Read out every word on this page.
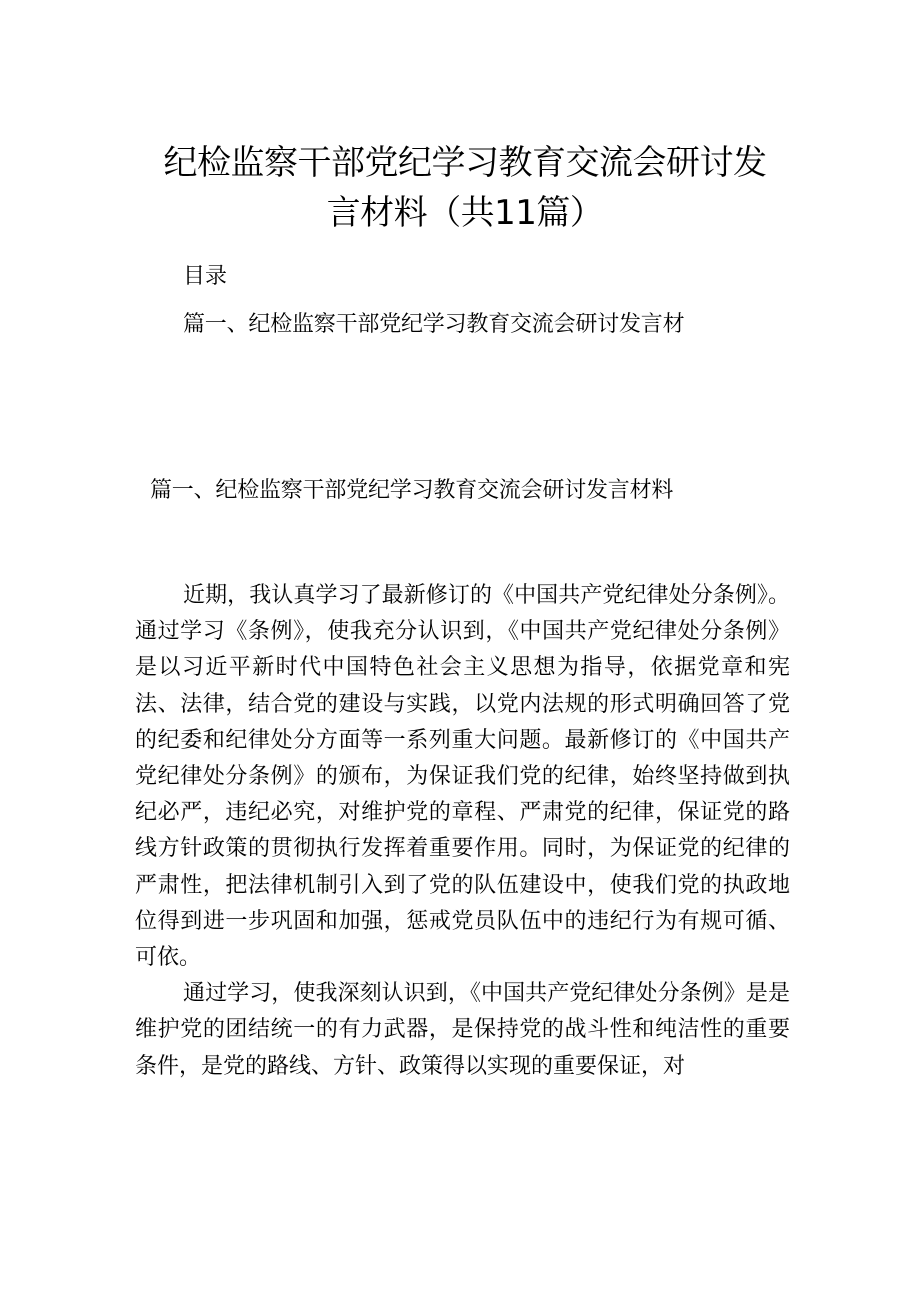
纪检监察干部党纪学习教育交流会研讨发
言材料（共11篇）
目录
篇一、纪检监察干部党纪学习教育交流会研讨发言材
篇一、纪检监察干部党纪学习教育交流会研讨发言材料

近期，我认真学习了最新修订的《中国共产党纪律处分条例》。通过学习《条例》，使我充分认识到，《中国共产党纪律处分条例》是以习近平新时代中国特色社会主义思想为指导，依据党章和宪法、法律，结合党的建设与实践，以党内法规的形式明确回答了党的纪委和纪律处分方面等一系列重大问题。最新修订的《中国共产党纪律处分条例》的颁布，为保证我们党的纪律，始终坚持做到执纪必严，违纪必究，对维护党的章程、严肃党的纪律，保证党的路线方针政策的贯彻执行发挥着重要作用。同时，为保证党的纪律的严肃性，把法律机制引入到了党的队伍建设中，使我们党的执政地位得到进一步巩固和加强，惩戒党员队伍中的违纪行为有规可循、可依。

通过学习，使我深刻认识到，《中国共产党纪律处分条例》是是维护党的团结统一的有力武器，是保持党的战斗性和纯洁性的重要条件，是党的路线、方针、政策得以实现的重要保证，对
